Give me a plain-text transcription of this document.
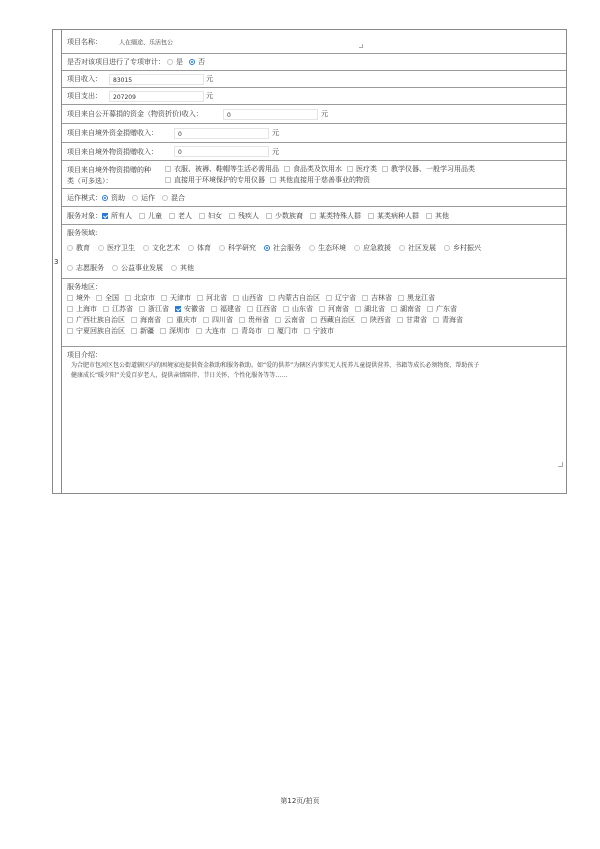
3
项目名称：	人在缅途、乐活包公
是否对该项目进行了专项审计： 是 否
项目收入：	83015	元
项目支出：	207209	元
项目来自公开募捐的资金（物资折价)收入：	0	元
项目来自境外资金捐赠收入：	0	元
项目来自境外物资捐赠收入：	0	元
项目来自境外物资捐赠的种
类（可多选）：
衣服、被褥、鞋帽等生活必需用品 食品类及饮用水 医疗类 教学仪器、一般学习用品类
直接用于环境保护的专用仪器 其他直接用于慈善事业的物资
运作模式： 资助 运作 混合
服务对象： 所有人 儿童 老人 妇女 残疾人 少数族裔 某类特殊人群 某类病种人群 其他
服务领域:
教育 医疗卫生 文化艺术 体育 科学研究 社会服务 生态环境 应急救援 社区发展 乡村振兴
志愿服务 公益事业发展 其他
服务地区：
境外 全国 北京市 天津市 河北省 山西省 内蒙古自治区 辽宁省 吉林省 黑龙江省
上海市 江苏省 浙江省 安徽省 福建省 江西省 山东省 河南省 湖北省 湖南省 广东省
广西壮族自治区 海南省 重庆市 四川省 贵州省 云南省 西藏自治区 陕西省 甘肃省 青海省
宁夏回族自治区 新疆 深圳市 大连市 青岛市 厦门市 宁波市
项目介绍：
为合肥市包河区包公街道辖区内的困境家庭提供资金救助和服务救助。如“爱的供养”为辖区内事实无人抚养儿童提供营养、书籍等成长必须物资，帮助孩子
健康成长“暖夕阳”关爱百岁老人，提供亲情陪伴、节日关怀、个性化服务等等……
第12页/拍页
